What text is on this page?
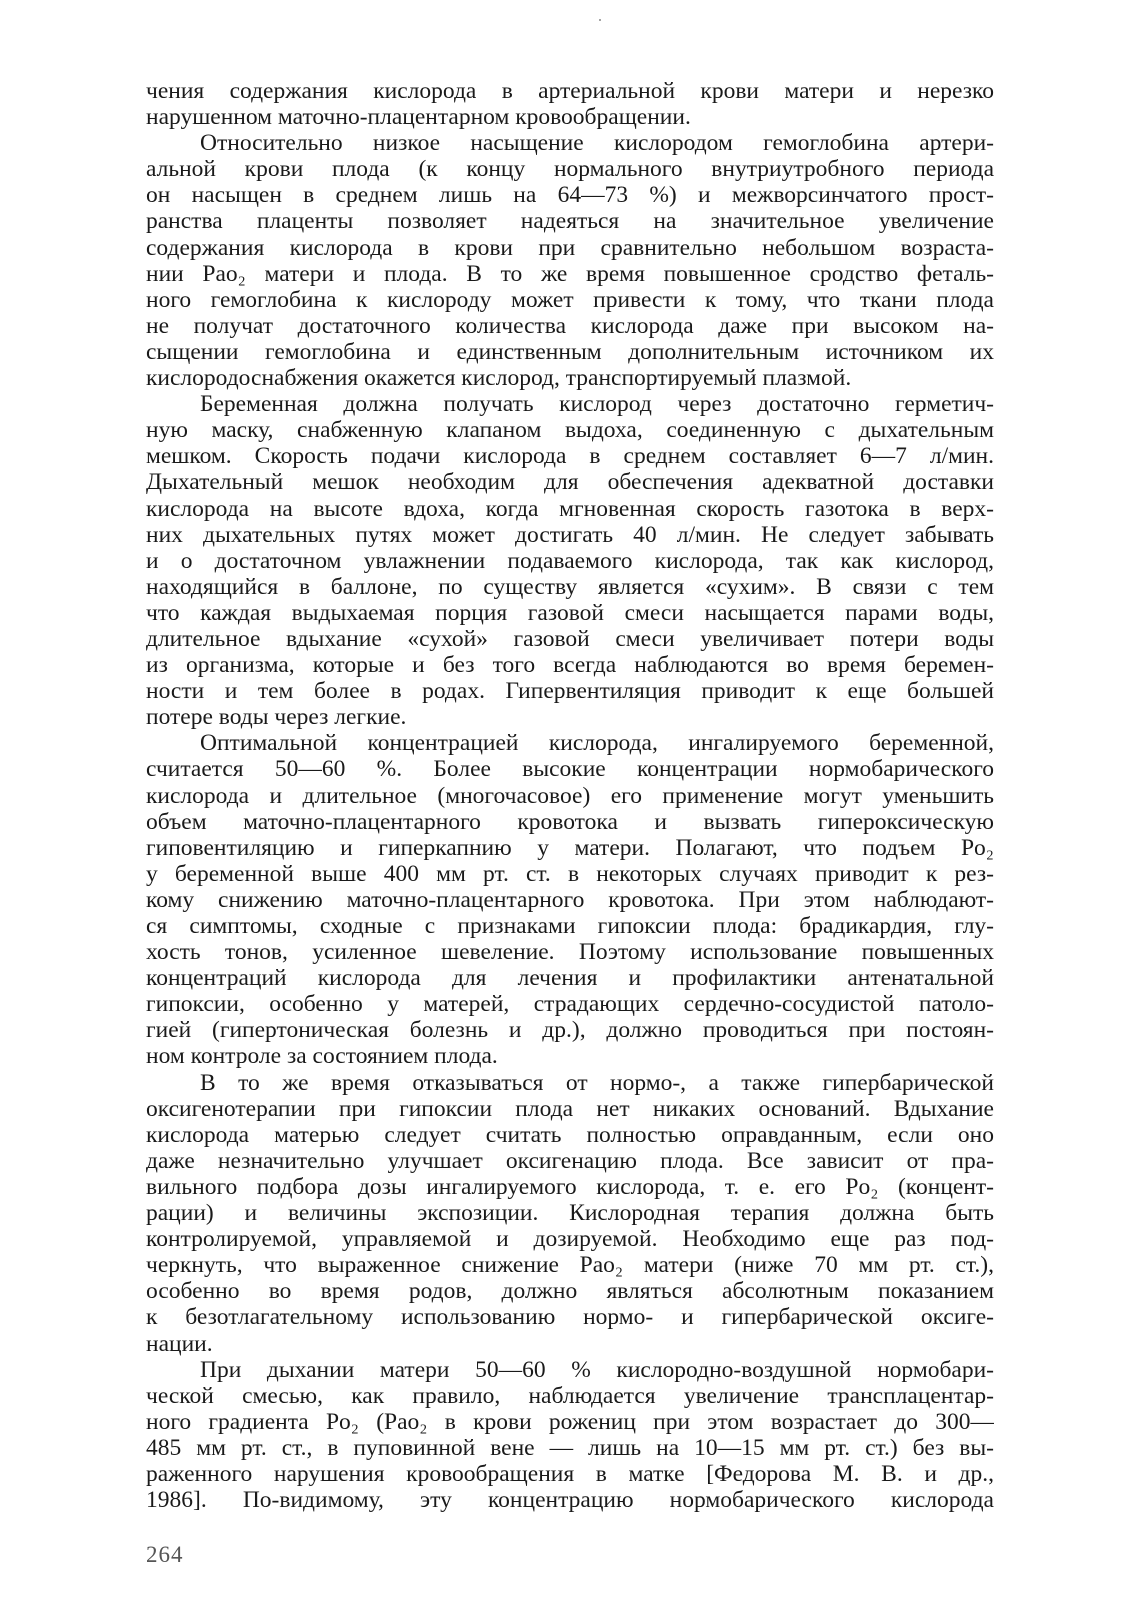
чения содержания кислорода в артериальной крови матери и нерезко
нарушенном маточно-плацентарном кровообращении.
Относительно низкое насыщение кислородом гемоглобина артери-
альной крови плода (к концу нормального внутриутробного периода
он насыщен в среднем лишь на 64—73 %) и межворсинчатого прост-
ранства плаценты позволяет надеяться на значительное увеличение
содержания кислорода в крови при сравнительно небольшом возраста-
нии Pao₂ матери и плода. В то же время повышенное сродство феталь-
ного гемоглобина к кислороду может привести к тому, что ткани плода
не получат достаточного количества кислорода даже при высоком на-
сыщении гемоглобина и единственным дополнительным источником их
кислородоснабжения окажется кислород, транспортируемый плазмой.
Беременная должна получать кислород через достаточно герметич-
ную маску, снабженную клапаном выдоха, соединенную с дыхательным
мешком. Скорость подачи кислорода в среднем составляет 6—7 л/мин.
Дыхательный мешок необходим для обеспечения адекватной доставки
кислорода на высоте вдоха, когда мгновенная скорость газотока в верх-
них дыхательных путях может достигать 40 л/мин. Не следует забывать
и о достаточном увлажнении подаваемого кислорода, так как кислород,
находящийся в баллоне, по существу является «сухим». В связи с тем
что каждая выдыхаемая порция газовой смеси насыщается парами воды,
длительное вдыхание «сухой» газовой смеси увеличивает потери воды
из организма, которые и без того всегда наблюдаются во время беремен-
ности и тем более в родах. Гипервентиляция приводит к еще большей
потере воды через легкие.
Оптимальной концентрацией кислорода, ингалируемого беременной,
считается 50—60 %. Более высокие концентрации нормобарического
кислорода и длительное (многочасовое) его применение могут уменьшить
объем маточно-плацентарного кровотока и вызвать гипероксическую
гиповентиляцию и гиперкапнию у матери. Полагают, что подъем Po₂
у беременной выше 400 мм рт. ст. в некоторых случаях приводит к рез-
кому снижению маточно-плацентарного кровотока. При этом наблюдают-
ся симптомы, сходные с признаками гипоксии плода: брадикардия, глу-
хость тонов, усиленное шевеление. Поэтому использование повышенных
концентраций кислорода для лечения и профилактики антенатальной
гипоксии, особенно у матерей, страдающих сердечно-сосудистой патоло-
гией (гипертоническая болезнь и др.), должно проводиться при постоян-
ном контроле за состоянием плода.
В то же время отказываться от нормо-, а также гипербарической
оксигенотерапии при гипоксии плода нет никаких оснований. Вдыхание
кислорода матерью следует считать полностью оправданным, если оно
даже незначительно улучшает оксигенацию плода. Все зависит от пра-
вильного подбора дозы ингалируемого кислорода, т. е. его Po₂ (концент-
рации) и величины экспозиции. Кислородная терапия должна быть
контролируемой, управляемой и дозируемой. Необходимо еще раз под-
черкнуть, что выраженное снижение Pao₂ матери (ниже 70 мм рт. ст.),
особенно во время родов, должно являться абсолютным показанием
к безотлагательному использованию нормо- и гипербарической оксиге-
нации.
При дыхании матери 50—60 % кислородно-воздушной нормобари-
ческой смесью, как правило, наблюдается увеличение трансплацентар-
ного градиента Po₂ (Pao₂ в крови рожениц при этом возрастает до 300—
485 мм рт. ст., в пуповинной вене — лишь на 10—15 мм рт. ст.) без вы-
раженного нарушения кровообращения в матке [Федорова М. В. и др.,
1986]. По-видимому, эту концентрацию нормобарического кислорода
264
